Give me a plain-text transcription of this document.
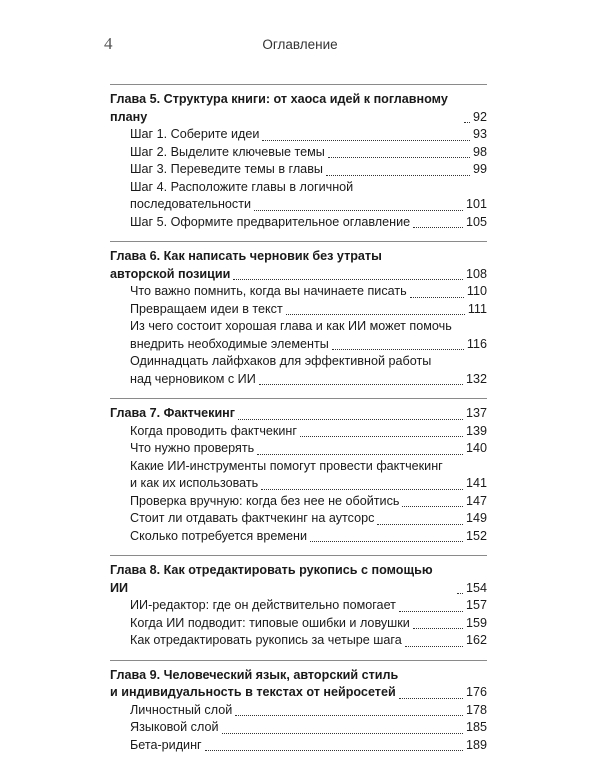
4	Оглавление
Глава 5. Структура книги: от хаоса идей к поглавному плану	92
Шаг 1. Соберите идеи	93
Шаг 2. Выделите ключевые темы	98
Шаг 3. Переведите темы в главы	99
Шаг 4. Расположите главы в логичной
последовательности	101
Шаг 5. Оформите предварительное оглавление	105
Глава 6. Как написать черновик без утраты
авторской позиции	108
Что важно помнить, когда вы начинаете писать	110
Превращаем идеи в текст	111
Из чего состоит хорошая глава и как ИИ может помочь
внедрить необходимые элементы	116
Одиннадцать лайфхаков для эффективной работы
над черновиком с ИИ	132
Глава 7. Фактчекинг	137
Когда проводить фактчекинг	139
Что нужно проверять	140
Какие ИИ-инструменты помогут провести фактчекинг
и как их использовать	141
Проверка вручную: когда без нее не обойтись	147
Стоит ли отдавать фактчекинг на аутсорс	149
Сколько потребуется времени	152
Глава 8. Как отредактировать рукопись с помощью ИИ	154
ИИ-редактор: где он действительно помогает	157
Когда ИИ подводит: типовые ошибки и ловушки	159
Как отредактировать рукопись за четыре шага	162
Глава 9. Человеческий язык, авторский стиль
и индивидуальность в текстах от нейросетей	176
Личностный слой	178
Языковой слой	185
Бета-ридинг	189
